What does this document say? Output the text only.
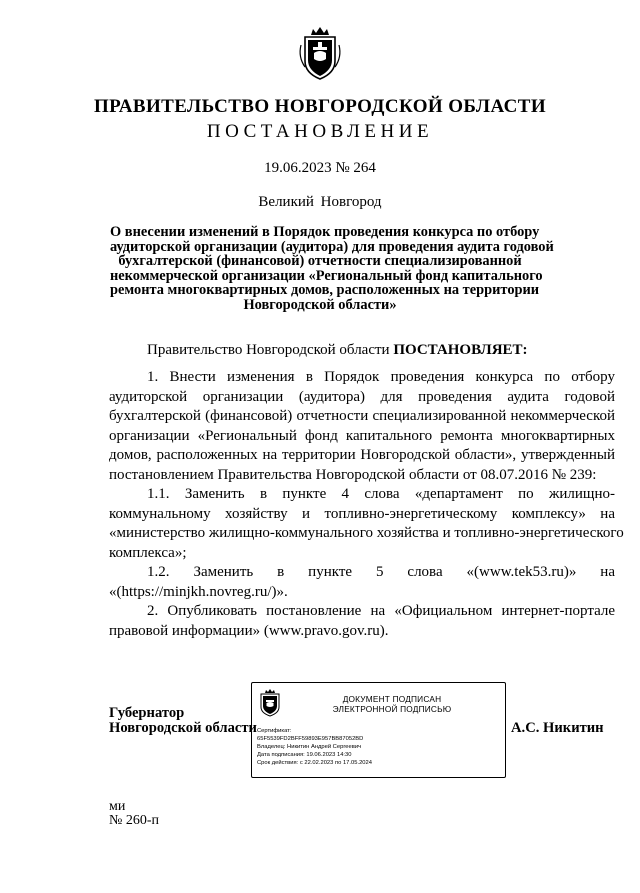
ПРАВИТЕЛЬСТВО НОВГОРОДСКОЙ ОБЛАСТИ
ПОСТАНОВЛЕНИЕ
19.06.2023 № 264
Великий Новгород
О внесении изменений в Порядок проведения конкурса по отбору
аудиторской организации (аудитора) для проведения аудита годовой
бухгалтерской (финансовой) отчетности специализированной
некоммерческой организации «Региональный фонд капитального
ремонта многоквартирных домов, расположенных на территории
Новгородской области»
Правительство Новгородской области ПОСТАНОВЛЯЕТ:
1. Внести изменения в Порядок проведения конкурса по отбору
аудиторской организации (аудитора) для проведения аудита годовой
бухгалтерской (финансовой) отчетности специализированной некоммерческой
организации «Региональный фонд капитального ремонта многоквартирных
домов, расположенных на территории Новгородской области», утвержденный
постановлением Правительства Новгородской области от 08.07.2016 № 239:
1.1. Заменить в пункте 4 слова «департамент по жилищно-
коммунальному хозяйству и топливно-энергетическому комплексу» на
«министерство жилищно-коммунального хозяйства и топливно-энергетического
комплекса»;
1.2. Заменить в пункте 5 слова «(www.tek53.ru)» на
«(https://minjkh.novreg.ru/)».
2. Опубликовать постановление на «Официальном интернет-портале
правовой информации» (www.pravo.gov.ru).
Губернатор
Новгородской области
ДОКУМЕНТ ПОДПИСАН
ЭЛЕКТРОННОЙ ПОДПИСЬЮ
Сертификат:
65F5539FD2BFF59893E957BB87052BD
Владелец: Никитин Андрей Сергеевич
Дата подписания: 19.06.2023 14:30
Срок действия: с 22.02.2023 по 17.05.2024
А.С. Никитин
ми
№ 260-п
